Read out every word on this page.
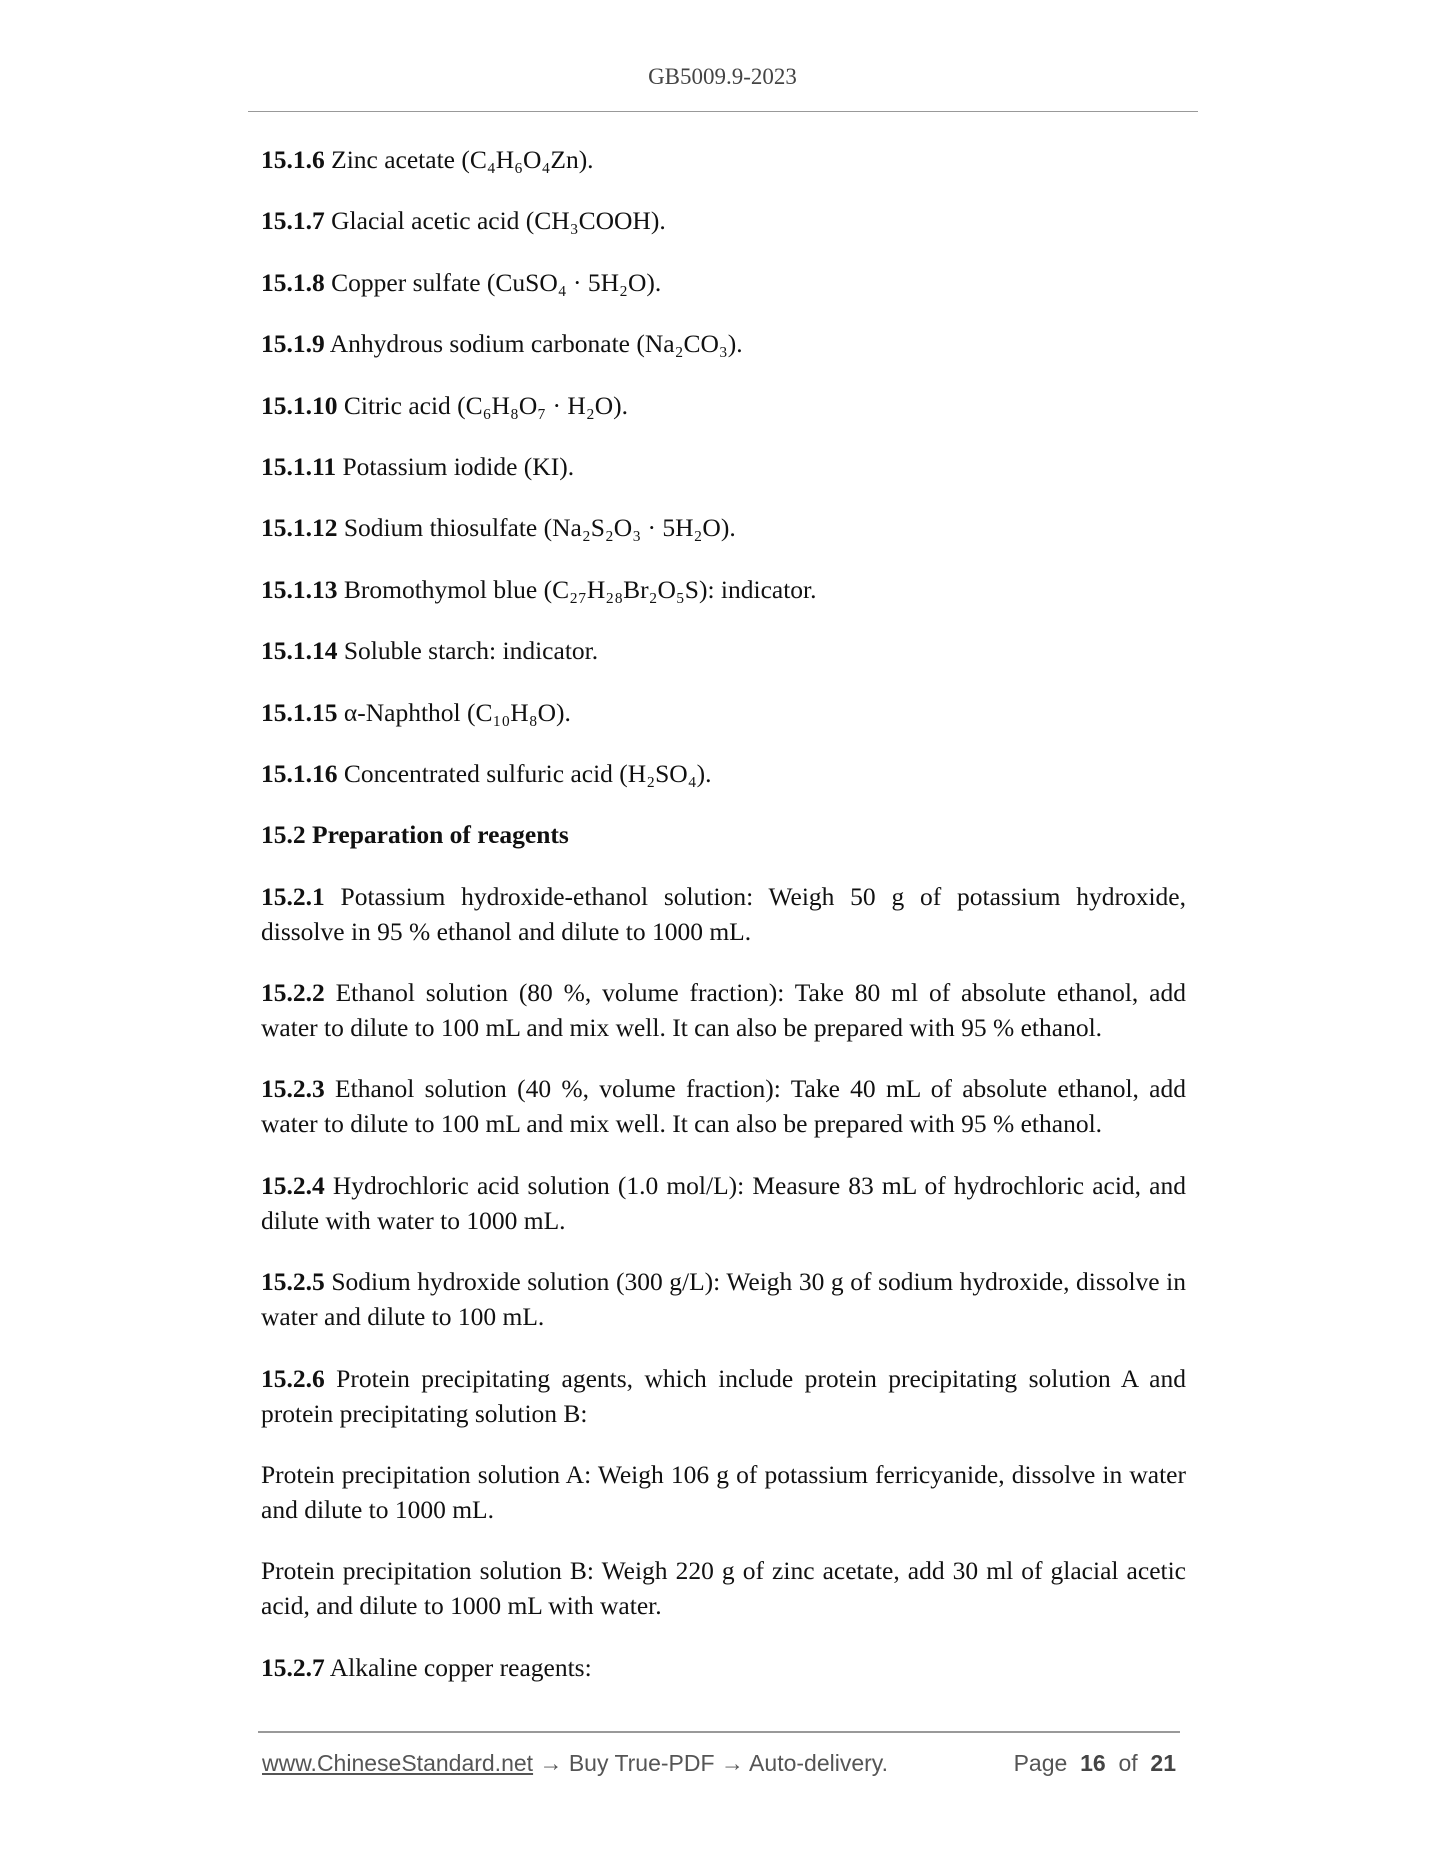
GB5009.9-2023

15.1.6 Zinc acetate (C₄H₆O₄Zn).

15.1.7 Glacial acetic acid (CH₃COOH).

15.1.8 Copper sulfate (CuSO₄ · 5H₂O).

15.1.9 Anhydrous sodium carbonate (Na₂CO₃).

15.1.10 Citric acid (C₆H₈O₇ · H₂O).

15.1.11 Potassium iodide (KI).

15.1.12 Sodium thiosulfate (Na₂S₂O₃ · 5H₂O).

15.1.13 Bromothymol blue (C₂₇H₂₈Br₂O₅S): indicator.

15.1.14 Soluble starch: indicator.

15.1.15 α-Naphthol (C₁₀H₈O).

15.1.16 Concentrated sulfuric acid (H₂SO₄).

15.2 Preparation of reagents

15.2.1 Potassium hydroxide-ethanol solution: Weigh 50 g of potassium hydroxide, dissolve in 95 % ethanol and dilute to 1000 mL.

15.2.2 Ethanol solution (80 %, volume fraction): Take 80 ml of absolute ethanol, add water to dilute to 100 mL and mix well. It can also be prepared with 95 % ethanol.

15.2.3 Ethanol solution (40 %, volume fraction): Take 40 mL of absolute ethanol, add water to dilute to 100 mL and mix well. It can also be prepared with 95 % ethanol.

15.2.4 Hydrochloric acid solution (1.0 mol/L): Measure 83 mL of hydrochloric acid, and dilute with water to 1000 mL.

15.2.5 Sodium hydroxide solution (300 g/L): Weigh 30 g of sodium hydroxide, dissolve in water and dilute to 100 mL.

15.2.6 Protein precipitating agents, which include protein precipitating solution A and protein precipitating solution B:

Protein precipitation solution A: Weigh 106 g of potassium ferricyanide, dissolve in water and dilute to 1000 mL.

Protein precipitation solution B: Weigh 220 g of zinc acetate, add 30 ml of glacial acetic acid, and dilute to 1000 mL with water.

15.2.7 Alkaline copper reagents:

www.ChineseStandard.net → Buy True-PDF → Auto-delivery.	Page 16 of 21
